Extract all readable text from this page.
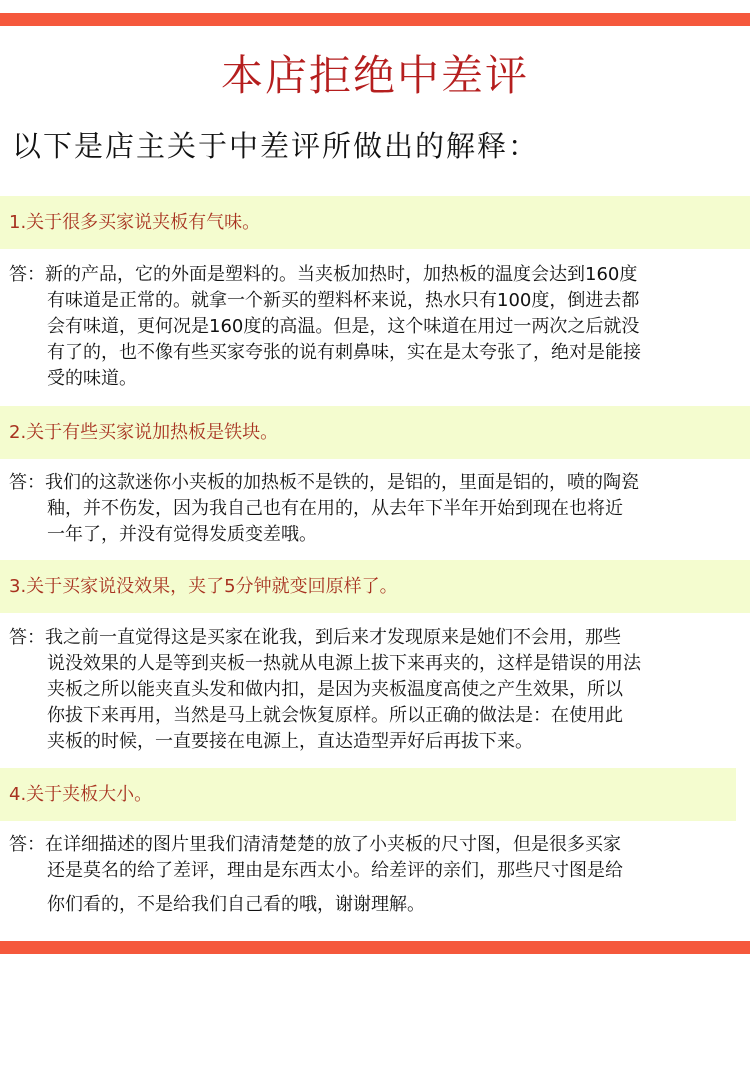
本店拒绝中差评
以下是店主关于中差评所做出的解释：
1.关于很多买家说夹板有气味。
答：新的产品，它的外面是塑料的。当夹板加热时，加热板的温度会达到160度
有味道是正常的。就拿一个新买的塑料杯来说，热水只有100度，倒进去都
会有味道，更何况是160度的高温。但是，这个味道在用过一两次之后就没
有了的，也不像有些买家夸张的说有刺鼻味，实在是太夸张了，绝对是能接
受的味道。
2.关于有些买家说加热板是铁块。
答：我们的这款迷你小夹板的加热板不是铁的，是铝的，里面是铝的，喷的陶瓷
釉，并不伤发，因为我自己也有在用的，从去年下半年开始到现在也将近
一年了，并没有觉得发质变差哦。
3.关于买家说没效果，夹了5分钟就变回原样了。
答：我之前一直觉得这是买家在讹我，到后来才发现原来是她们不会用，那些
说没效果的人是等到夹板一热就从电源上拔下来再夹的，这样是错误的用法
夹板之所以能夹直头发和做内扣，是因为夹板温度高使之产生效果，所以
你拔下来再用，当然是马上就会恢复原样。所以正确的做法是：在使用此
夹板的时候，一直要接在电源上，直达造型弄好后再拔下来。
4.关于夹板大小。
答：在详细描述的图片里我们清清楚楚的放了小夹板的尺寸图，但是很多买家
还是莫名的给了差评，理由是东西太小。给差评的亲们，那些尺寸图是给
你们看的，不是给我们自己看的哦，谢谢理解。
